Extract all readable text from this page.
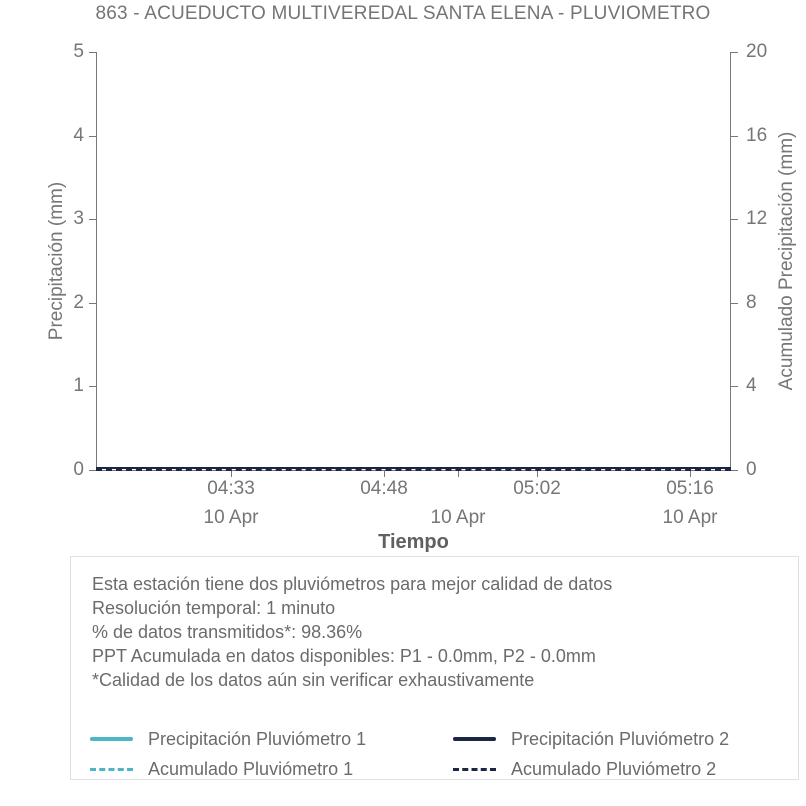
863 - ACUEDUCTO MULTIVEREDAL SANTA ELENA - PLUVIOMETRO
5
4
3
2
1
0
20
16
12
8
4
0
Precipitación (mm)	Acumulado Precipitación (mm)
04:33	04:48	05:02	05:16
10 Apr	10 Apr	10 Apr
Tiempo
Esta estación tiene dos pluviómetros para mejor calidad de datos
Resolución temporal: 1 minuto
% de datos transmitidos*: 98.36%
PPT Acumulada en datos disponibles: P1 - 0.0mm, P2 - 0.0mm
*Calidad de los datos aún sin verificar exhaustivamente
Precipitación Pluviómetro 1	Precipitación Pluviómetro 2
Acumulado Pluviómetro 1	Acumulado Pluviómetro 2
